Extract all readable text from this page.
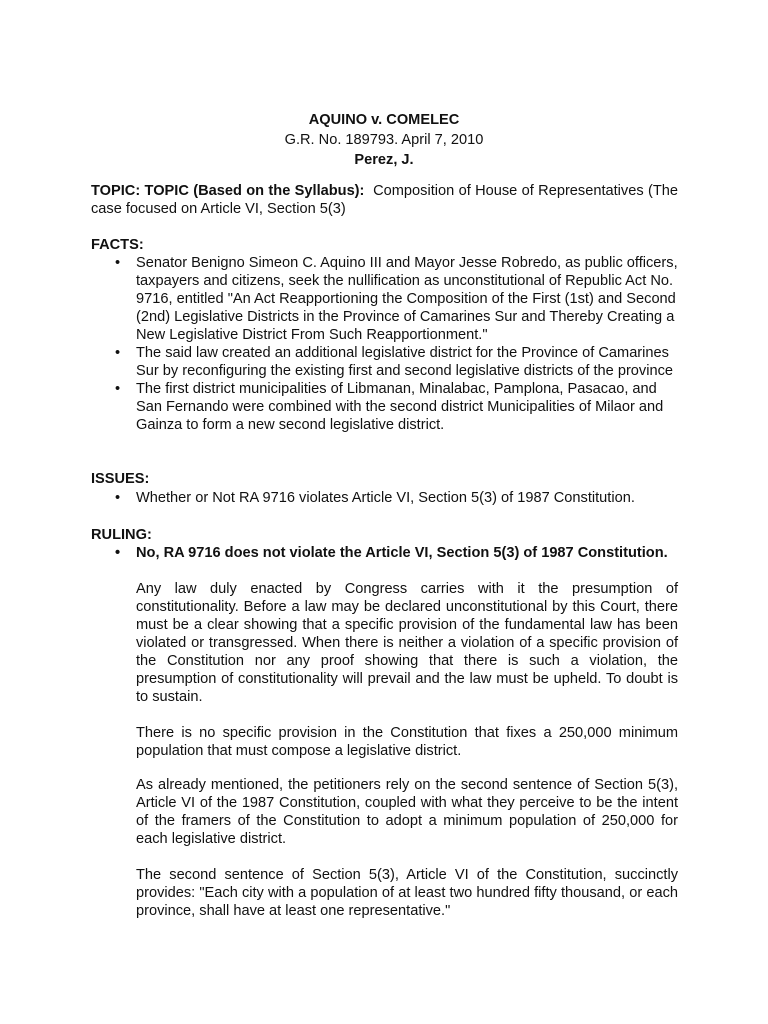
AQUINO v. COMELEC
G.R. No. 189793. April 7, 2010
Perez, J.
TOPIC: TOPIC (Based on the Syllabus): Composition of House of Representatives (The case focused on Article VI, Section 5(3)
FACTS:
• Senator Benigno Simeon C. Aquino III and Mayor Jesse Robredo, as public officers, taxpayers and citizens, seek the nullification as unconstitutional of Republic Act No. 9716, entitled "An Act Reapportioning the Composition of the First (1st) and Second (2nd) Legislative Districts in the Province of Camarines Sur and Thereby Creating a New Legislative District From Such Reapportionment."
• The said law created an additional legislative district for the Province of Camarines Sur by reconfiguring the existing first and second legislative districts of the province
• The first district municipalities of Libmanan, Minalabac, Pamplona, Pasacao, and San Fernando were combined with the second district Municipalities of Milaor and Gainza to form a new second legislative district.
ISSUES:
• Whether or Not RA 9716 violates Article VI, Section 5(3) of 1987 Constitution.
RULING:
• No, RA 9716 does not violate the Article VI, Section 5(3) of 1987 Constitution.
Any law duly enacted by Congress carries with it the presumption of constitutionality. Before a law may be declared unconstitutional by this Court, there must be a clear showing that a specific provision of the fundamental law has been violated or transgressed. When there is neither a violation of a specific provision of the Constitution nor any proof showing that there is such a violation, the presumption of constitutionality will prevail and the law must be upheld. To doubt is to sustain.
There is no specific provision in the Constitution that fixes a 250,000 minimum population that must compose a legislative district.
As already mentioned, the petitioners rely on the second sentence of Section 5(3), Article VI of the 1987 Constitution, coupled with what they perceive to be the intent of the framers of the Constitution to adopt a minimum population of 250,000 for each legislative district.
The second sentence of Section 5(3), Article VI of the Constitution, succinctly provides: "Each city with a population of at least two hundred fifty thousand, or each province, shall have at least one representative."
